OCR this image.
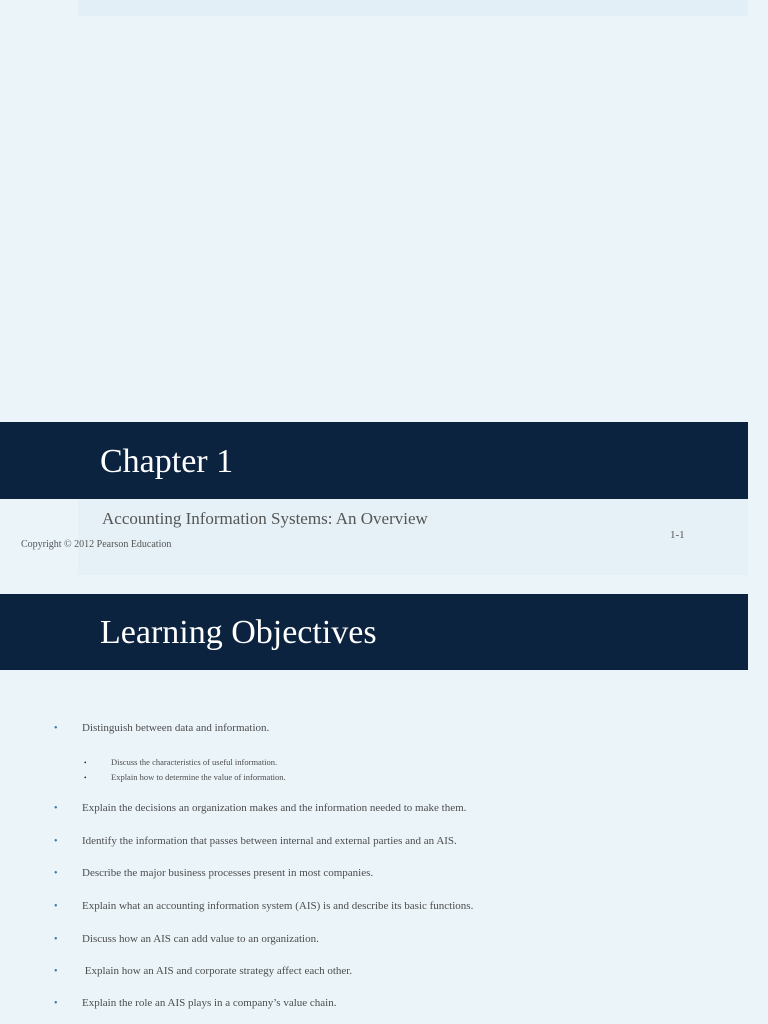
Chapter 1
Accounting Information Systems: An Overview
Copyright © 2012 Pearson Education
1-1
Learning Objectives
• Distinguish between data and information.
•	Discuss the characteristics of useful information.
•	Explain how to determine the value of information.
• Explain the decisions an organization makes and the information needed to make them.
• Identify the information that passes between internal and external parties and an AIS.
• Describe the major business processes present in most companies.
• Explain what an accounting information system (AIS) is and describe its basic functions.
• Discuss how an AIS can add value to an organization.
• Explain how an AIS and corporate strategy affect each other.
• Explain the role an AIS plays in a company’s value chain.
